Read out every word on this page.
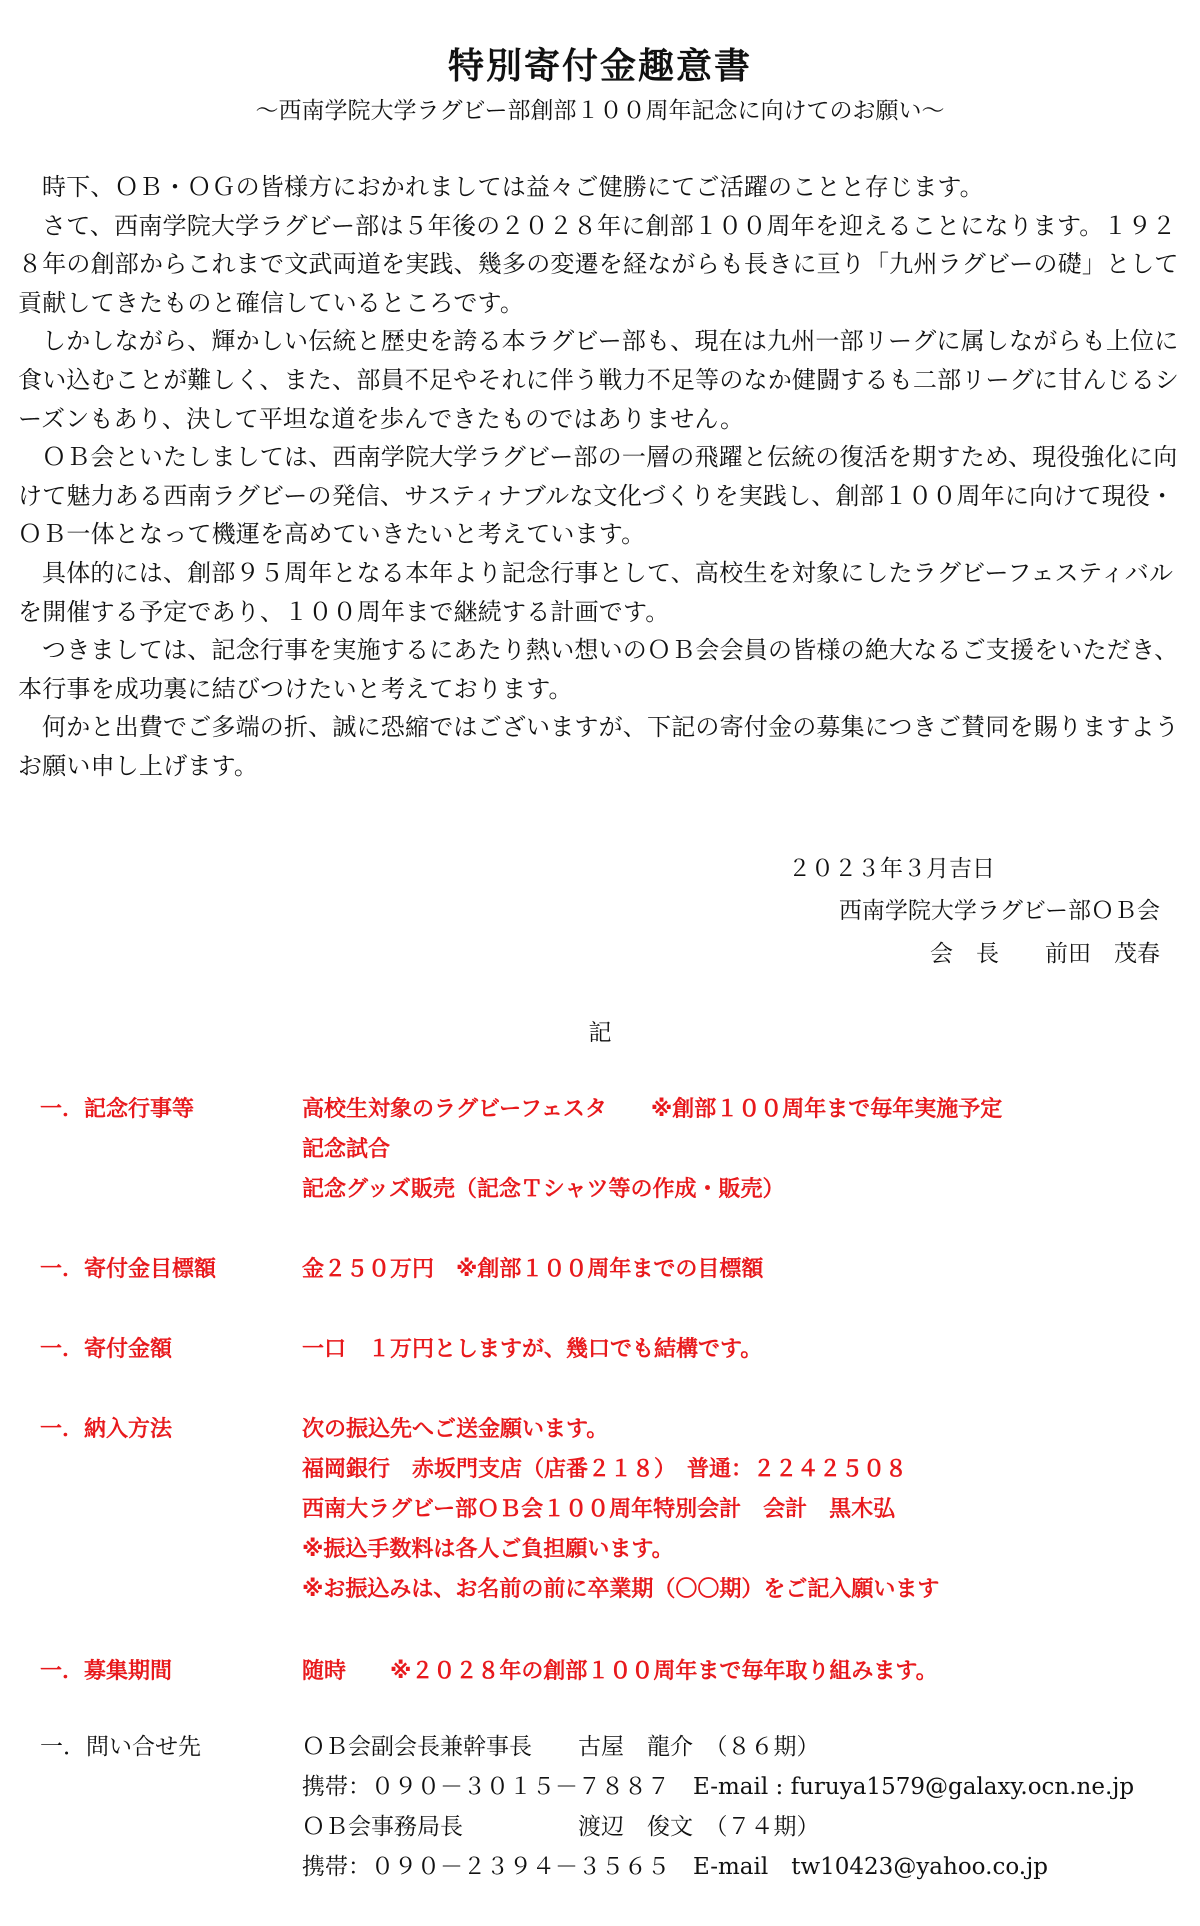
特別寄付金趣意書

～西南学院大学ラグビー部創部１００周年記念に向けてのお願い～

時下、ＯＢ・ＯＧの皆様方におかれましては益々ご健勝にてご活躍のことと存じます。

さて、西南学院大学ラグビー部は５年後の２０２８年に創部１００周年を迎えることになります。１９２８年の創部からこれまで文武両道を実践、幾多の変遷を経ながらも長きに亘り「九州ラグビーの礎」として貢献してきたものと確信しているところです。

しかしながら、輝かしい伝統と歴史を誇る本ラグビー部も、現在は九州一部リーグに属しながらも上位に食い込むことが難しく、また、部員不足やそれに伴う戦力不足等のなか健闘するも二部リーグに甘んじるシーズンもあり、決して平坦な道を歩んできたものではありません。

ＯＢ会といたしましては、西南学院大学ラグビー部の一層の飛躍と伝統の復活を期すため、現役強化に向けて魅力ある西南ラグビーの発信、サスティナブルな文化づくりを実践し、創部１００周年に向けて現役・ＯＢ一体となって機運を高めていきたいと考えています。

具体的には、創部９５周年となる本年より記念行事として、高校生を対象にしたラグビーフェスティバルを開催する予定であり、１００周年まで継続する計画です。

つきましては、記念行事を実施するにあたり熱い想いのＯＢ会会員の皆様の絶大なるご支援をいただき、本行事を成功裏に結びつけたいと考えております。

何かと出費でご多端の折、誠に恐縮ではございますが、下記の寄付金の募集につきご賛同を賜りますようお願い申し上げます。

２０２３年３月吉日
西南学院大学ラグビー部ＯＢ会
会　長　　前田　茂春
記
一．記念行事等	高校生対象のラグビーフェスタ　　※創部１００周年まで毎年実施予定
記念試合
記念グッズ販売（記念Ｔシャツ等の作成・販売）
一．寄付金目標額	金２５０万円　※創部１００周年までの目標額
一．寄付金額	一口　１万円としますが、幾口でも結構です。
一．納入方法	次の振込先へご送金願います。
福岡銀行　赤坂門支店（店番２１８）　普通：２２４２５０８
西南大ラグビー部ＯＢ会１００周年特別会計　会計　黒木弘
※振込手数料は各人ご負担願います。
※お振込みは、お名前の前に卒業期（〇〇期）をご記入願います
一．募集期間	随時　　※２０２８年の創部１００周年まで毎年取り組みます。
一．問い合せ先	ＯＢ会副会長兼幹事長　　古屋　龍介　（８６期）
携帯：０９０－３０１５－７８８７　E-mail : furuya1579@galaxy.ocn.ne.jp
ＯＢ会事務局長　　　　　渡辺　俊文　（７４期）
携帯：０９０－２３９４－３５６５　E-mail　tw10423@yahoo.co.jp
